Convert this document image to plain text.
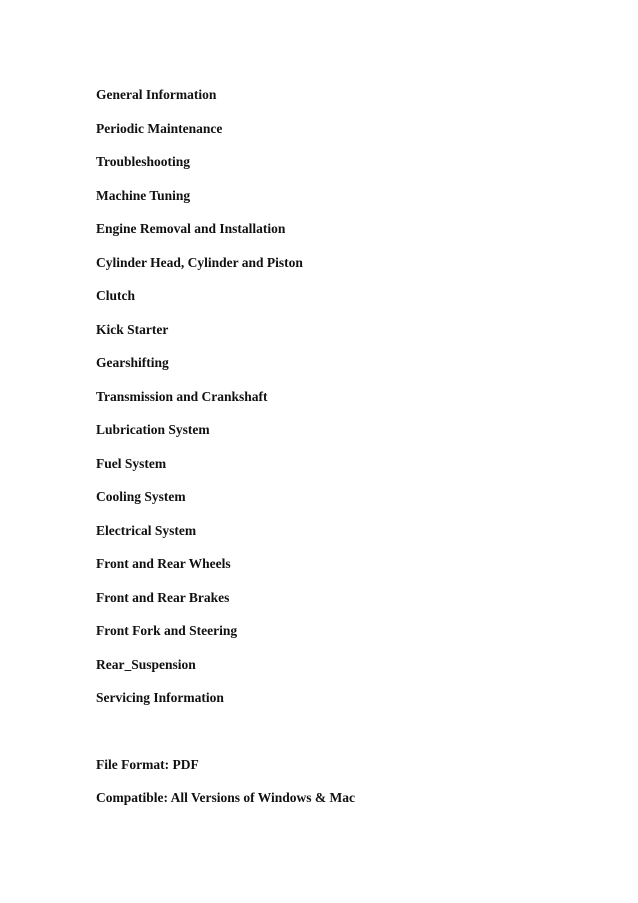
General Information
Periodic Maintenance
Troubleshooting
Machine Tuning
Engine Removal and Installation
Cylinder Head, Cylinder and Piston
Clutch
Kick Starter
Gearshifting
Transmission and Crankshaft
Lubrication System
Fuel System
Cooling System
Electrical System
Front and Rear Wheels
Front and Rear Brakes
Front Fork and Steering
Rear_Suspension
Servicing Information
File Format: PDF
Compatible: All Versions of Windows & Mac
